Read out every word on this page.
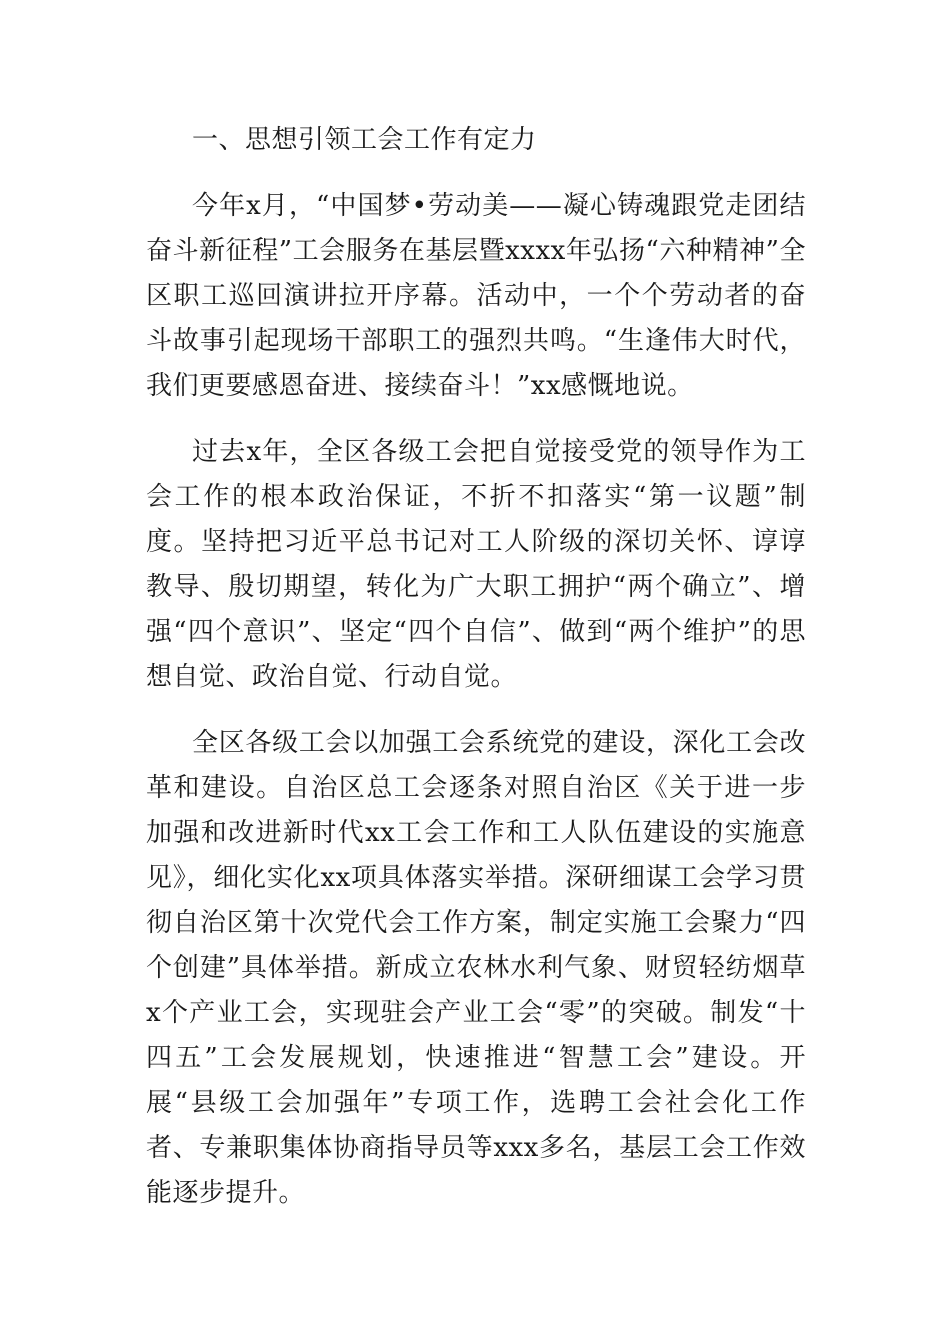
一、思想引领工会工作有定力

今年x月，“中国梦•劳动美——凝心铸魂跟党走团结奋斗新征程”工会服务在基层暨xxxx年弘扬“六种精神”全区职工巡回演讲拉开序幕。活动中，一个个劳动者的奋斗故事引起现场干部职工的强烈共鸣。“生逢伟大时代，我们更要感恩奋进、接续奋斗！”xx感慨地说。

过去x年，全区各级工会把自觉接受党的领导作为工会工作的根本政治保证，不折不扣落实“第一议题”制度。坚持把习近平总书记对工人阶级的深切关怀、谆谆教导、殷切期望，转化为广大职工拥护“两个确立”、增强“四个意识”、坚定“四个自信”、做到“两个维护”的思想自觉、政治自觉、行动自觉。

全区各级工会以加强工会系统党的建设，深化工会改革和建设。自治区总工会逐条对照自治区《关于进一步加强和改进新时代xx工会工作和工人队伍建设的实施意见》，细化实化xx项具体落实举措。深研细谋工会学习贯彻自治区第十次党代会工作方案，制定实施工会聚力“四个创建”具体举措。新成立农林水利气象、财贸轻纺烟草x个产业工会，实现驻会产业工会“零”的突破。制发“十四五”工会发展规划，快速推进“智慧工会”建设。开展“县级工会加强年”专项工作，选聘工会社会化工作者、专兼职集体协商指导员等xxx多名，基层工会工作效能逐步提升。
